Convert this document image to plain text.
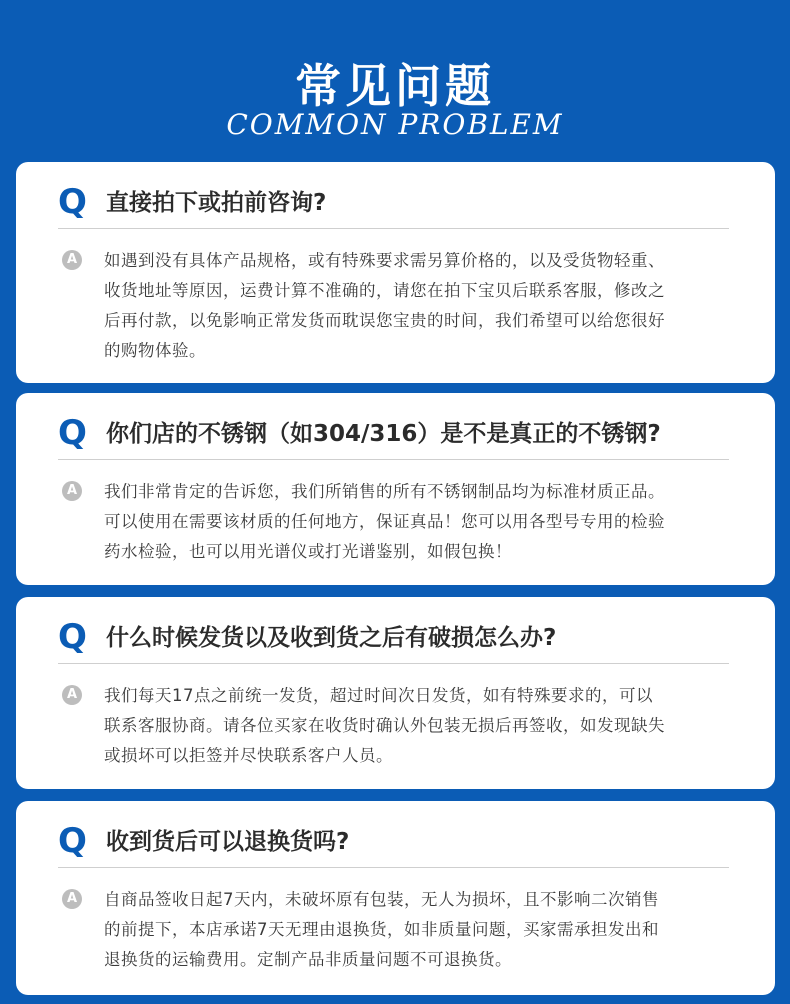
常见问题
COMMON PROBLEM
Q 直接拍下或拍前咨询?
A	如遇到没有具体产品规格，或有特殊要求需另算价格的，以及受货物轻重、
收货地址等原因，运费计算不准确的，请您在拍下宝贝后联系客服，修改之
后再付款，以免影响正常发货而耽误您宝贵的时间，我们希望可以给您很好
的购物体验。
Q 你们店的不锈钢（如304/316）是不是真正的不锈钢?
A	我们非常肯定的告诉您，我们所销售的所有不锈钢制品均为标准材质正品。
可以使用在需要该材质的任何地方，保证真品！您可以用各型号专用的检验
药水检验，也可以用光谱仪或打光谱鉴别，如假包换！
Q 什么时候发货以及收到货之后有破损怎么办?
A	我们每天17点之前统一发货，超过时间次日发货，如有特殊要求的，可以
联系客服协商。请各位买家在收货时确认外包装无损后再签收，如发现缺失
或损坏可以拒签并尽快联系客户人员。
Q 收到货后可以退换货吗?
A	自商品签收日起7天内，未破坏原有包装，无人为损坏，且不影响二次销售
的前提下，本店承诺7天无理由退换货，如非质量问题，买家需承担发出和
退换货的运输费用。定制产品非质量问题不可退换货。
